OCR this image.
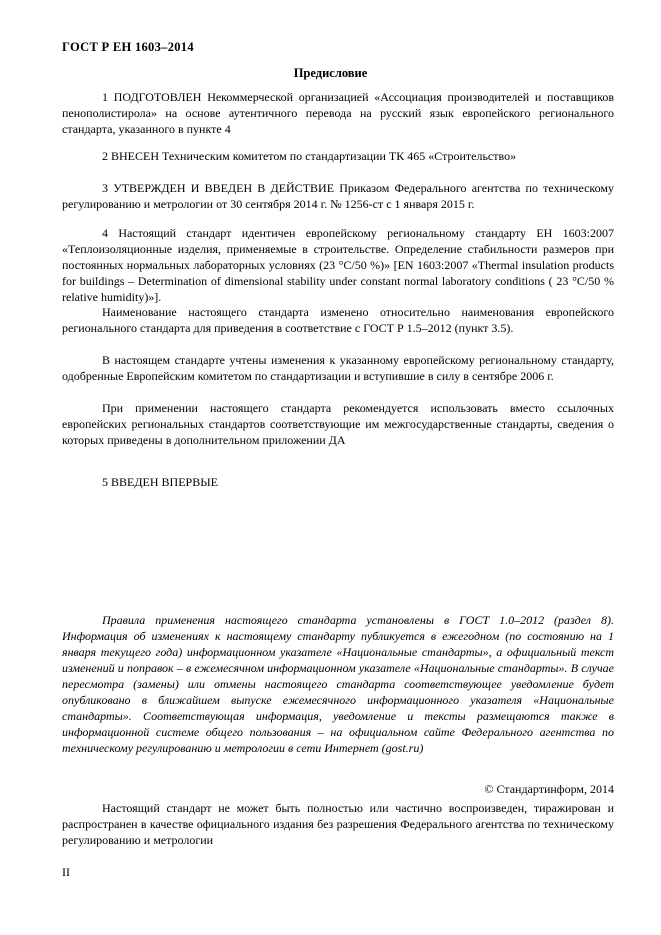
ГОСТ Р ЕН 1603–2014
Предисловие
1 ПОДГОТОВЛЕН Некоммерческой организацией «Ассоциация производителей и поставщиков пенополистирола» на основе аутентичного перевода на русский язык европейского регионального стандарта, указанного в пункте 4
2 ВНЕСЕН Техническим комитетом по стандартизации ТК 465 «Строительство»
3 УТВЕРЖДЕН И ВВЕДЕН В ДЕЙСТВИЕ Приказом Федерального агентства по техническому регулированию и метрологии от 30 сентября 2014 г. № 1256-ст с 1 января 2015 г.
4 Настоящий стандарт идентичен европейскому региональному стандарту ЕН 1603:2007 «Теплоизоляционные изделия, применяемые в строительстве. Определение стабильности размеров при постоянных нормальных лабораторных условиях (23 °С/50 %)» [EN 1603:2007 «Thermal insulation products for buildings – Determination of dimensional stability under constant normal laboratory conditions ( 23 °С/50 % relative humidity)»].
Наименование настоящего стандарта изменено относительно наименования европейского регионального стандарта для приведения в соответствие с ГОСТ Р 1.5–2012 (пункт 3.5).
В настоящем стандарте учтены изменения к указанному европейскому региональному стандарту, одобренные Европейским комитетом по стандартизации и вступившие в силу в сентябре 2006 г.
При применении настоящего стандарта рекомендуется использовать вместо ссылочных европейских региональных стандартов соответствующие им межгосударственные стандарты, сведения о которых приведены в дополнительном приложении ДА
5 ВВЕДЕН ВПЕРВЫЕ
Правила применения настоящего стандарта установлены в ГОСТ 1.0–2012 (раздел 8). Информация об изменениях к настоящему стандарту публикуется в ежегодном (по состоянию на 1 января текущего года) информационном указателе «Национальные стандарты», а официальный текст изменений и поправок – в ежемесячном информационном указателе «Национальные стандарты». В случае пересмотра (замены) или отмены настоящего стандарта соответствующее уведомление будет опубликовано в ближайшем выпуске ежемесячного информационного указателя «Национальные стандарты». Соответствующая информация, уведомление и тексты размещаются также в информационной системе общего пользования – на официальном сайте Федерального агентства по техническому регулированию и метрологии в сети Интернет (gost.ru)
© Стандартинформ, 2014
Настоящий стандарт не может быть полностью или частично воспроизведен, тиражирован и распространен в качестве официального издания без разрешения Федерального агентства по техническому регулированию и метрологии
II
